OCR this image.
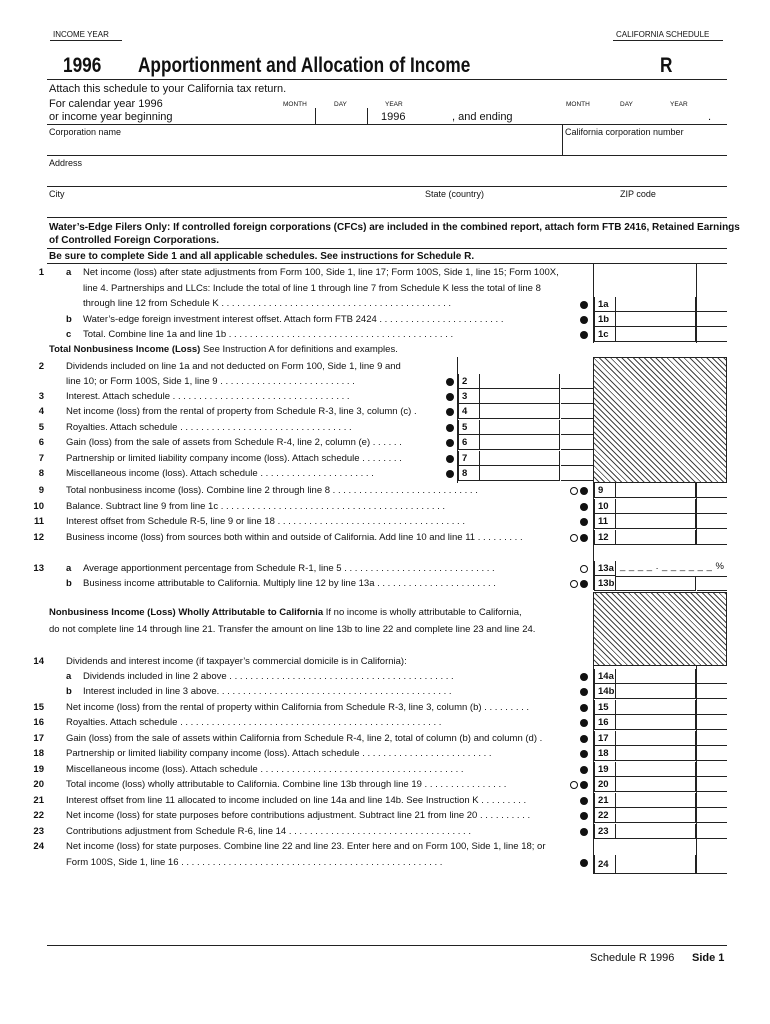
INCOME YEAR	CALIFORNIA SCHEDULE
1996 Apportionment and Allocation of Income	R
Attach this schedule to your California tax return.
For calendar year 1996
or income year beginning
MONTH	DAY	YEAR
1996	, and ending
MONTH	DAY	YEAR
.
Corporation name	California corporation number
Address
City	State (country)	ZIP code
Water’s-Edge Filers Only: If controlled foreign corporations (CFCs) are included in the combined report, attach form FTB 2416, Retained Earnings
of Controlled Foreign Corporations.
Be sure to complete Side 1 and all applicable schedules. See instructions for Schedule R.
1 a Net income (loss) after state adjustments from Form 100, Side 1, line 17; Form 100S, Side 1, line 15; Form 100X,
line 4. Partnerships and LLCs: Include the total of line 1 through line 7 from Schedule K less the total of line 8
through line 12 from Schedule K . . . . . . . . . . . . . . . . . . . . . . . . . . . . . . . . . . . . . . . . . . . .	1a
b Water’s-edge foreign investment interest offset. Attach form FTB 2424 . . . . . . . . . . . . . . . . . . . . . . . .	1b
c Total. Combine line 1a and line 1b . . . . . . . . . . . . . . . . . . . . . . . . . . . . . . . . . . . . . . . . . . .	1c
Total Nonbusiness Income (Loss) See Instruction A for definitions and examples.
2 Dividends included on line 1a and not deducted on Form 100, Side 1, line 9 and
line 10; or Form 100S, Side 1, line 9 . . . . . . . . . . . . . . . . . . . . . . . . . .	2
3 Interest. Attach schedule . . . . . . . . . . . . . . . . . . . . . . . . . . . . . . . . . .	3
4 Net income (loss) from the rental of property from Schedule R-3, line 3, column (c) .	4
5 Royalties. Attach schedule . . . . . . . . . . . . . . . . . . . . . . . . . . . . . . . . .	5
6 Gain (loss) from the sale of assets from Schedule R-4, line 2, column (e) . . . . . .	6
7 Partnership or limited liability company income (loss). Attach schedule . . . . . . . .	7
8 Miscellaneous income (loss). Attach schedule . . . . . . . . . . . . . . . . . . . . . .	8
9 Total nonbusiness income (loss). Combine line 2 through line 8 . . . . . . . . . . . . . . . . . . . . . . . . . . . .	9
10 Balance. Subtract line 9 from line 1c . . . . . . . . . . . . . . . . . . . . . . . . . . . . . . . . . . . . . . . . . . .	10
11 Interest offset from Schedule R-5, line 9 or line 18 . . . . . . . . . . . . . . . . . . . . . . . . . . . . . . . . . . . .	11
12 Business income (loss) from sources both within and outside of California. Add line 10 and line 11 . . . . . . . . .	12
13 a Average apportionment percentage from Schedule R-1, line 5 . . . . . . . . . . . . . . . . . . . . . . . . . . . . .	13a _ _ _ _ . _ _ _ _ _ _ %
b Business income attributable to California. Multiply line 12 by line 13a . . . . . . . . . . . . . . . . . . . . . . .	13b
Nonbusiness Income (Loss) Wholly Attributable to California If no income is wholly attributable to California,
do not complete line 14 through line 21. Transfer the amount on line 13b to line 22 and complete line 23 and line 24.
14 Dividends and interest income (if taxpayer’s commercial domicile is in California):
a Dividends included in line 2 above . . . . . . . . . . . . . . . . . . . . . . . . . . . . . . . . . . . . . . . . . . .	14a
b Interest included in line 3 above. . . . . . . . . . . . . . . . . . . . . . . . . . . . . . . . . . . . . . . . . . . . .	14b
15 Net income (loss) from the rental of property within California from Schedule R-3, line 3, column (b) . . . . . . . . .	15
16 Royalties. Attach schedule . . . . . . . . . . . . . . . . . . . . . . . . . . . . . . . . . . . . . . . . . . . . . . . . . .	16
17 Gain (loss) from the sale of assets within California from Schedule R-4, line 2, total of column (b) and column (d) .	17
18 Partnership or limited liability company income (loss). Attach schedule . . . . . . . . . . . . . . . . . . . . . . . . .	18
19 Miscellaneous income (loss). Attach schedule . . . . . . . . . . . . . . . . . . . . . . . . . . . . . . . . . . . . . . .	19
20 Total income (loss) wholly attributable to California. Combine line 13b through line 19 . . . . . . . . . . . . . . . .	20
21 Interest offset from line 11 allocated to income included on line 14a and line 14b. See Instruction K . . . . . . . . .	21
22 Net income (loss) for state purposes before contributions adjustment. Subtract line 21 from line 20 . . . . . . . . . .	22
23 Contributions adjustment from Schedule R-6, line 14 . . . . . . . . . . . . . . . . . . . . . . . . . . . . . . . . . . .	23
24 Net income (loss) for state purposes. Combine line 22 and line 23. Enter here and on Form 100, Side 1, line 18; or
Form 100S, Side 1, line 16 . . . . . . . . . . . . . . . . . . . . . . . . . . . . . . . . . . . . . . . . . . . . . . . . . .	24
Schedule R 1996 Side 1
